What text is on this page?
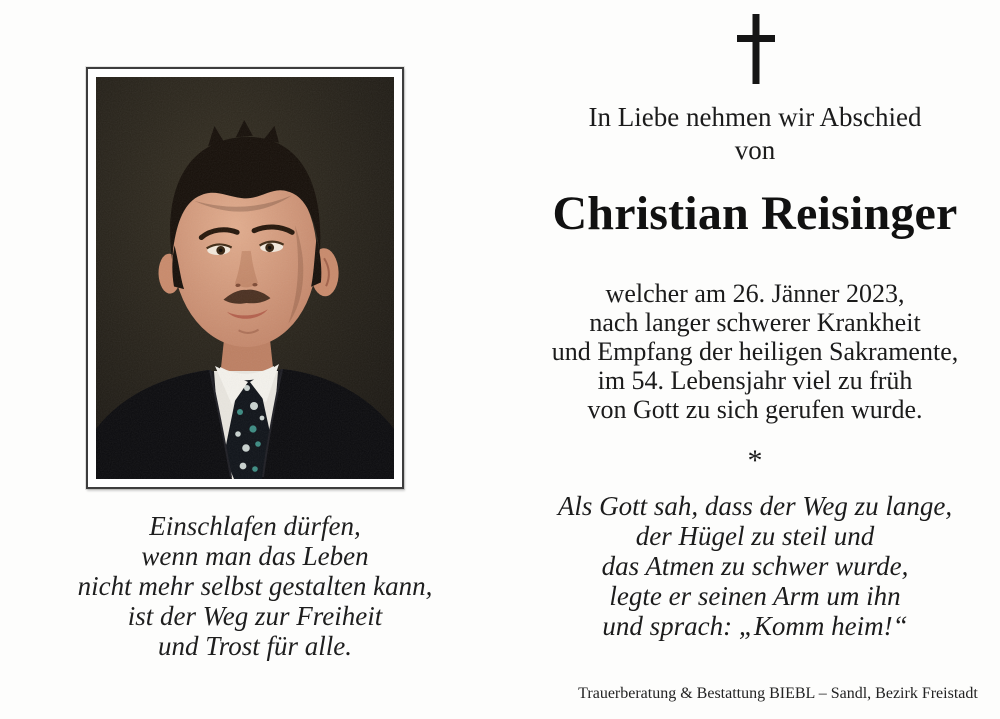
Einschlafen dürfen,
wenn man das Leben
nicht mehr selbst gestalten kann,
ist der Weg zur Freiheit
und Trost für alle.
In Liebe nehmen wir Abschied
von
Christian Reisinger
welcher am 26. Jänner 2023,
nach langer schwerer Krankheit
und Empfang der heiligen Sakramente,
im 54. Lebensjahr viel zu früh
von Gott zu sich gerufen wurde.
*
Als Gott sah, dass der Weg zu lange,
der Hügel zu steil und
das Atmen zu schwer wurde,
legte er seinen Arm um ihn
und sprach: „Komm heim!“
Trauerberatung & Bestattung BIEBL – Sandl, Bezirk Freistadt
